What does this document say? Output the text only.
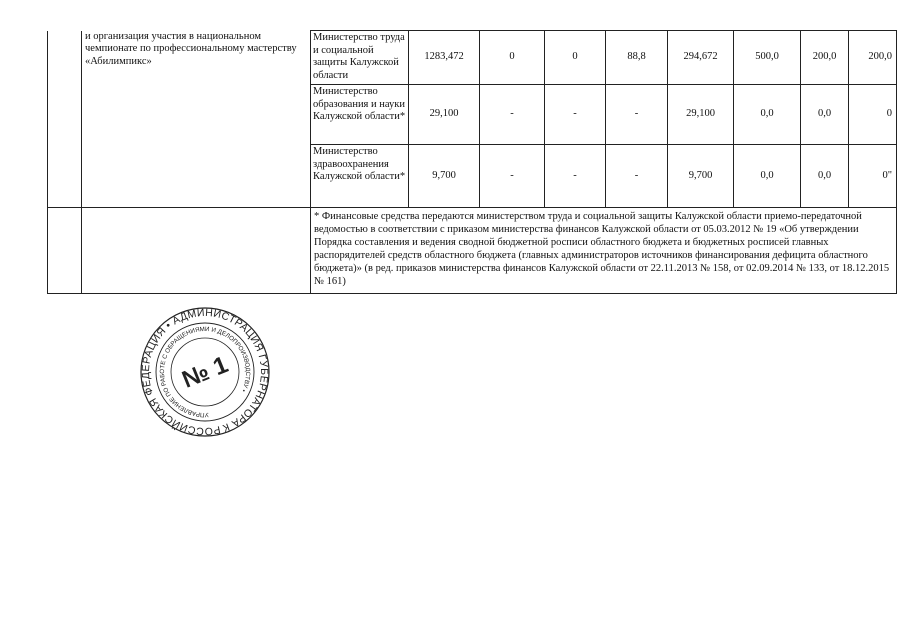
	и организация участия в национальном чемпионате по профессиональному мастерству «Абилимпикс»	Министерство труда и социальной защиты Калужской области	1283,472	0	0	88,8	294,672	500,0	200,0	200,0
		Министерство образования и науки Калужской области*	29,100	-	-	-	29,100	0,0	0,0	0
		Министерство здравоохранения Калужской области*	9,700	-	-	-	9,700	0,0	0,0	0"
		* Финансовые средства передаются министерством труда и социальной защиты Калужской области приемо-передаточной ведомостью в соответствии с приказом министерства финансов Калужской области от 05.03.2012 № 19 «Об утверждении Порядка составления и ведения сводной бюджетной росписи областного бюджета и бюджетных росписей главных распорядителей средств областного бюджета (главных администраторов источников финансирования дефицита областного бюджета)» (в ред. приказов министерства финансов Калужской области от 22.11.2013 № 158, от 02.09.2014 № 133, от 18.12.2015 № 161)								
РОССИЙСКАЯ ФЕДЕРАЦИЯ • АДМИНИСТРАЦИЯ ГУБЕРНАТОРА КАЛУЖСКОЙ
УПРАВЛЕНИЕ ПО РАБОТЕ С ОБРАЩЕНИЯМИ И ДЕЛОПРОИЗВОДСТВУ •
№ 1
